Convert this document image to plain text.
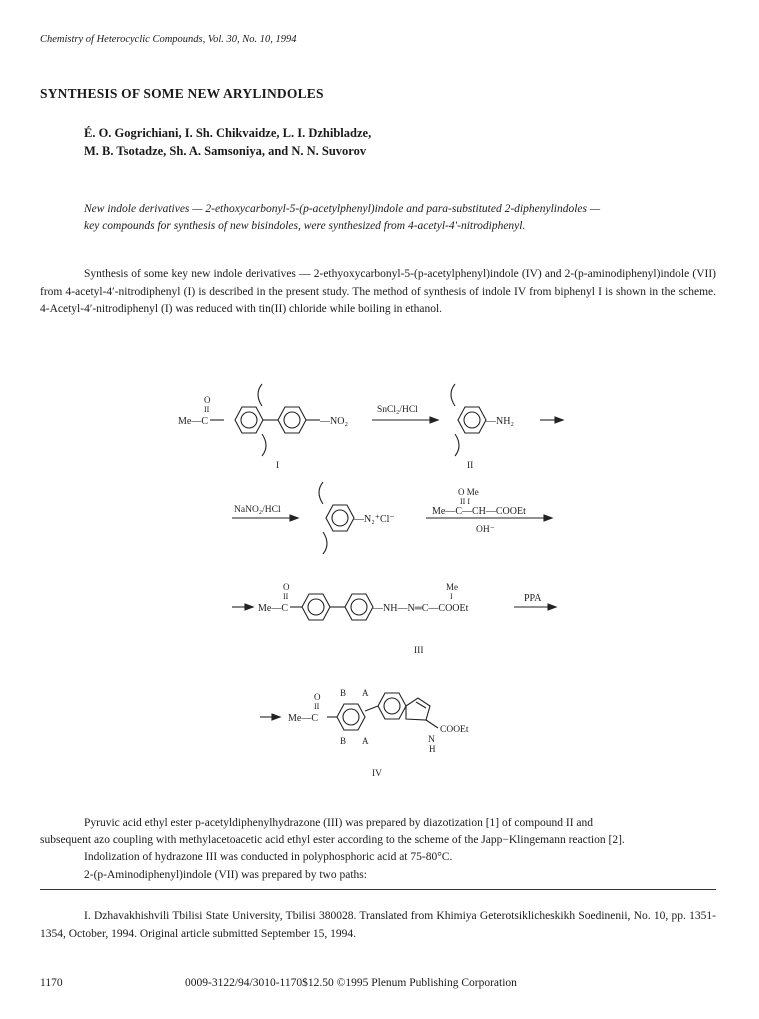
Chemistry of Heterocyclic Compounds, Vol. 30, No. 10, 1994
SYNTHESIS OF SOME NEW ARYLINDOLES
É. O. Gogrichiani, I. Sh. Chikvaidze, L. I. Dzhibladze,
M. B. Tsotadze, Sh. A. Samsoniya, and N. N. Suvorov
New indole derivatives — 2-ethoxycarbonyl-5-(p-acetylphenyl)indole and para-substituted 2-diphenylindoles —
key compounds for synthesis of new bisindoles, were synthesized from 4-acetyl-4′-nitrodiphenyl.
Synthesis of some key new indole derivatives — 2-ethyoxycarbonyl-5-(p-acetylphenyl)indole (IV) and 2-(p-aminodiphenyl)indole (VII) from 4-acetyl-4′-nitrodiphenyl (I) is described in the present study. The method of synthesis of indole IV from biphenyl I is shown in the scheme. 4-Acetyl-4′-nitrodiphenyl (I) was reduced with tin(II) chloride while boiling in ethanol.
Me—C
O
II
—NO₂
SnCl₂/HCl
—NH₂
I	II
NaNO₂/HCl
—N₂⁺Cl⁻
O Me
II I
Me—C—CH—COOEt
OH⁻
Me—C
O
II
—NH—N═C—COOEt
Me
I	PPA
III
Me—C
O
II
B A
B A	N
H
COOEt
IV
Pyruvic acid ethyl ester p-acetyldiphenylhydrazone (III) was prepared by diazotization [1] of compound II and
subsequent azo coupling with methylacetoacetic acid ethyl ester according to the scheme of the Japp−Klingemann reaction [2].
Indolization of hydrazone III was conducted in polyphosphoric acid at 75-80°C.
2-(p-Aminodiphenyl)indole (VII) was prepared by two paths:
I. Dzhavakhishvili Tbilisi State University, Tbilisi 380028. Translated from Khimiya Geterotsiklicheskikh Soedinenii, No. 10, pp. 1351-1354, October, 1994. Original article submitted September 15, 1994.
1170	0009-3122/94/3010-1170$12.50 ©1995 Plenum Publishing Corporation
